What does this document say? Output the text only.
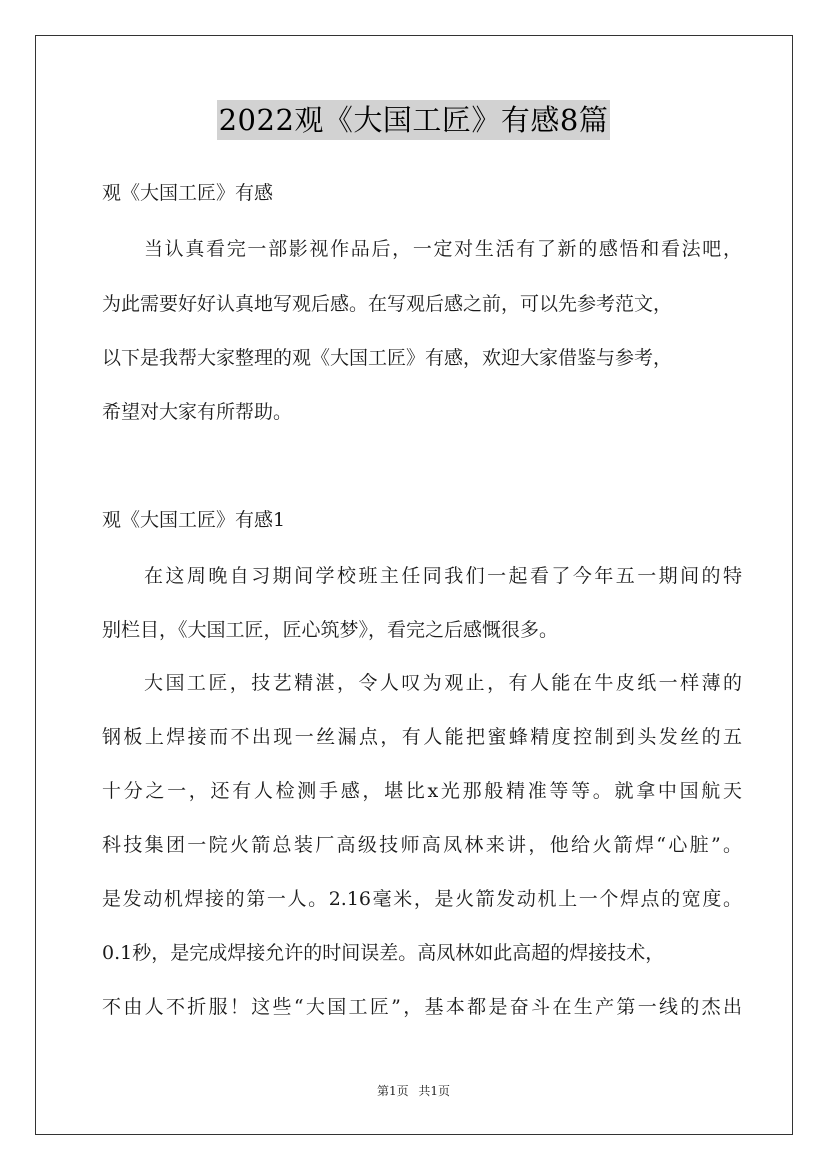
2022观《大国工匠》有感8篇
观《大国工匠》有感
当认真看完一部影视作品后，一定对生活有了新的感悟和看法吧，
为此需要好好认真地写观后感。在写观后感之前，可以先参考范文，
以下是我帮大家整理的观《大国工匠》有感，欢迎大家借鉴与参考，
希望对大家有所帮助。
观《大国工匠》有感1
在这周晚自习期间学校班主任同我们一起看了今年五一期间的特
别栏目，《大国工匠，匠心筑梦》，看完之后感慨很多。
大国工匠，技艺精湛，令人叹为观止，有人能在牛皮纸一样薄的
钢板上焊接而不出现一丝漏点，有人能把蜜蜂精度控制到头发丝的五
十分之一，还有人检测手感，堪比x光那般精准等等。就拿中国航天
科技集团一院火箭总装厂高级技师高凤林来讲，他给火箭焊“心脏”。
是发动机焊接的第一人。2.16毫米，是火箭发动机上一个焊点的宽度。
0.1秒，是完成焊接允许的时间误差。高凤林如此高超的焊接技术，
不由人不折服！这些“大国工匠”，基本都是奋斗在生产第一线的杰出
第1页 共1页
